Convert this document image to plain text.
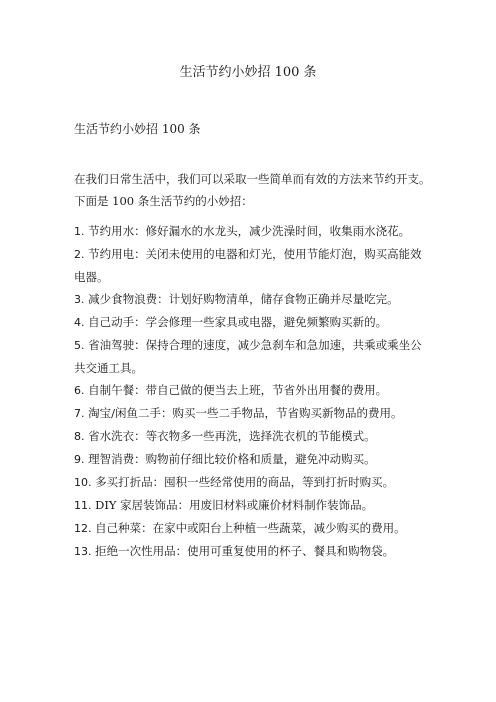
生活节约小妙招 100 条
生活节约小妙招 100 条
在我们日常生活中，我们可以采取一些简单而有效的方法来节约开支。下面是 100 条生活节约的小妙招：
1. 节约用水：修好漏水的水龙头，减少洗澡时间，收集雨水浇花。
2. 节约用电：关闭未使用的电器和灯光，使用节能灯泡，购买高能效电器。
3. 减少食物浪费：计划好购物清单，储存食物正确并尽量吃完。
4. 自己动手：学会修理一些家具或电器，避免频繁购买新的。
5. 省油驾驶：保持合理的速度，减少急刹车和急加速，共乘或乘坐公共交通工具。
6. 自制午餐：带自己做的便当去上班，节省外出用餐的费用。
7. 淘宝/闲鱼二手：购买一些二手物品，节省购买新物品的费用。
8. 省水洗衣：等衣物多一些再洗，选择洗衣机的节能模式。
9. 理智消费：购物前仔细比较价格和质量，避免冲动购买。
10. 多买打折品：囤积一些经常使用的商品，等到打折时购买。
11. DIY 家居装饰品：用废旧材料或廉价材料制作装饰品。
12. 自己种菜：在家中或阳台上种植一些蔬菜，减少购买的费用。
13. 拒绝一次性用品：使用可重复使用的杯子、餐具和购物袋。
